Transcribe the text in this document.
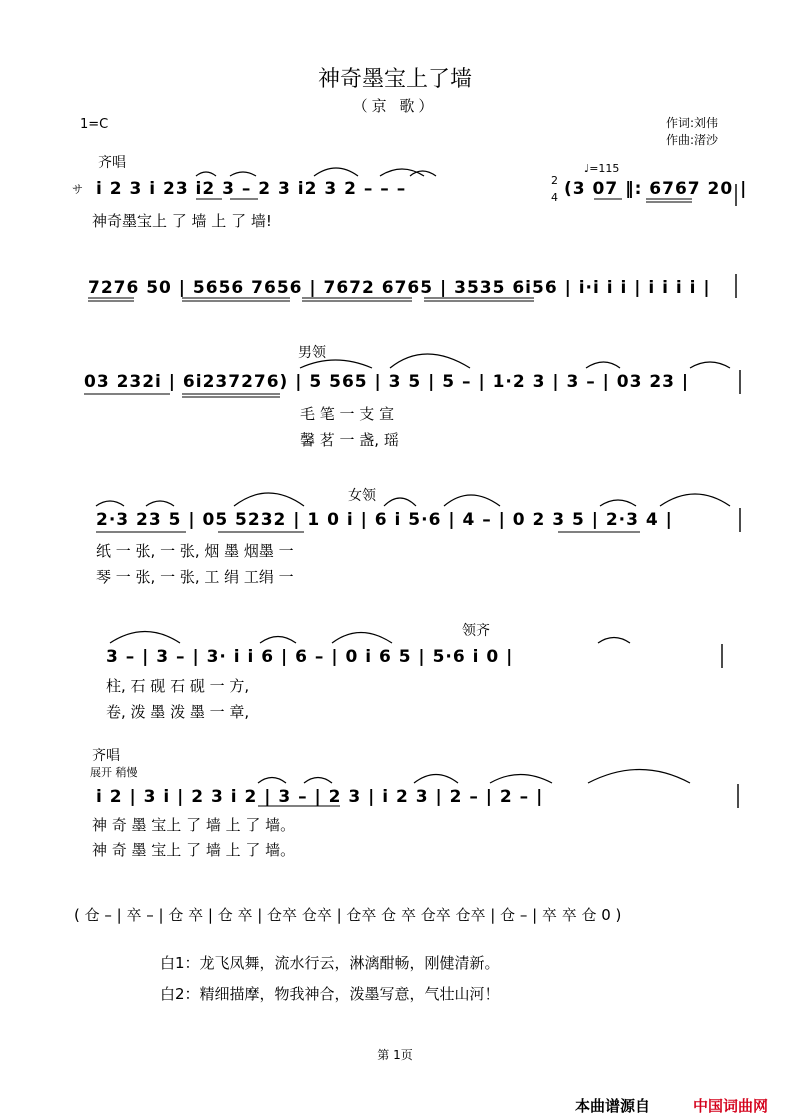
神奇墨宝上了墙
（京 歌）
1=C	作词:刘伟
作曲:渚沙
齐唱
サ i 2 3 i 23 i2 3 – 2 3 i2 3 2 – – –
神奇墨宝上 了 墙 上 了 墙!
♩=115
2
4 (3 07 ‖: 6767 20 |
7276 50 | 5656 7656 | 7672 6765 | 3535 6i56 | i·i i i | i i i i |
男领
03 232i | 6i237276) | 5 565 | 3 5 | 5 – | 1·2 3 | 3 – | 03 23 |
毛 笔 一 支 宣
馨 茗 一 盏, 瑶
女领
2·3 23 5 | 05 5232 | 1 0 i | 6 i 5·6 | 4 – | 0 2 3 5 | 2·3 4 |
纸 一 张, 一 张, 烟 墨 烟墨 一
琴 一 张, 一 张, 工 绢 工绢 一
领齐
3 – | 3 – | 3· i i 6 | 6 – | 0 i 6 5 | 5·6 i 0 |
柱, 石 砚 石 砚 一 方,
卷, 泼 墨 泼 墨 一 章,
齐唱
展开 稍慢
i 2 | 3 i | 2 3 i 2 | 3 – | 2 3 | i 2 3 | 2 – | 2 – |
神 奇 墨 宝上 了 墙 上 了 墙。
神 奇 墨 宝上 了 墙 上 了 墙。
( 仓 – | 卒 – | 仓 卒 | 仓 卒 | 仓卒 仓卒 | 仓卒 仓 卒 仓卒 仓卒 | 仓 – | 卒 卒 仓 0 )
白1：龙飞凤舞，流水行云，淋漓酣畅，刚健清新。
白2：精细描摩，物我神合，泼墨写意，气壮山河！
第 1页
本曲谱源自	中国词曲网
